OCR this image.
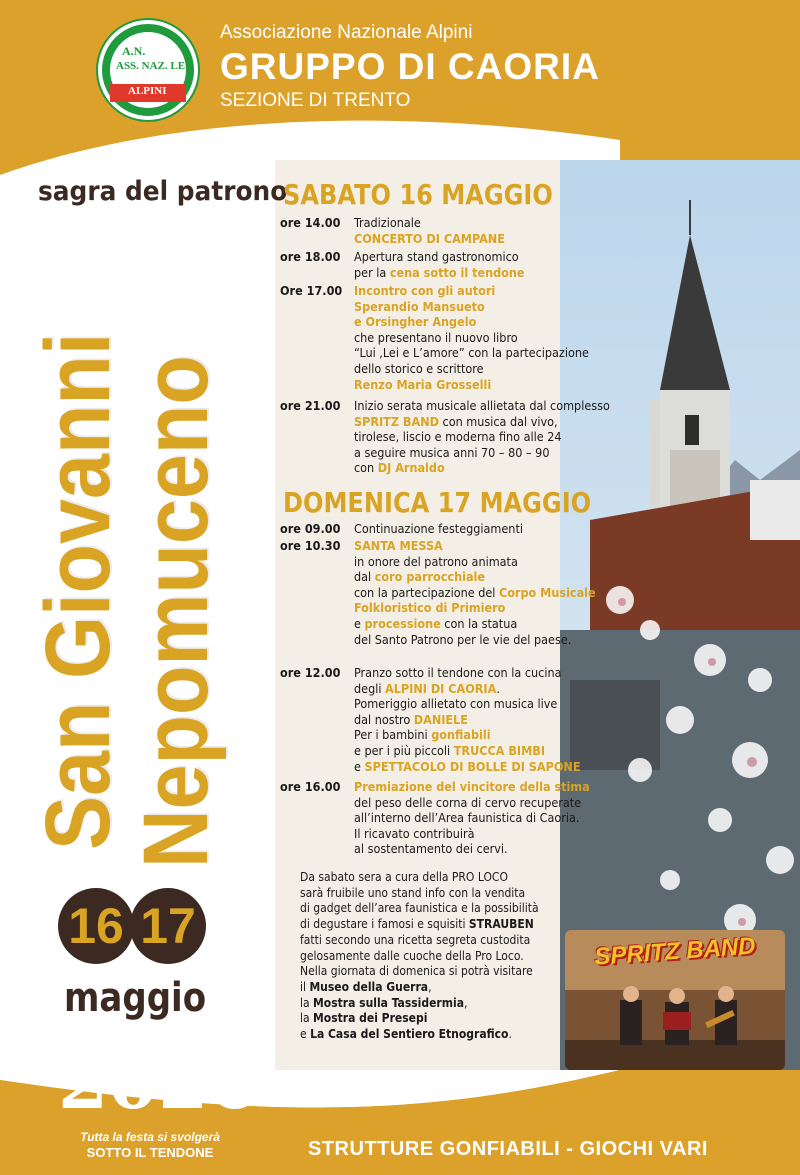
A.N.
ASS. NAZ. LE
ALPINI
Associazione Nazionale Alpini
GRUPPO DI CAORIA
SEZIONE DI TRENTO
sagra del patrono
San Giovanni
Nepomuceno
16 17
maggio
2026
Tutta la festa si svolgerà
SOTTO IL TENDONE
SABATO 16 MAGGIO
ore 14.00	Tradizionale
CONCERTO DI CAMPANE
ore 18.00	Apertura stand gastronomico
per la cena sotto il tendone
Ore 17.00 Incontro con gli autori
Sperandio Mansueto
e Orsingher Angelo
che presentano il nuovo libro
“Lui ,Lei e L’amore” con la partecipazione
dello storico e scrittore
Renzo Maria Grosselli
ore 21.00	Inizio serata musicale allietata dal complesso
SPRITZ BAND con musica dal vivo,
tirolese, liscio e moderna fino alle 24
a seguire musica anni 70 – 80 – 90
con DJ Arnaldo
DOMENICA 17 MAGGIO
ore 09.00	Continuazione festeggiamenti
ore 10.30	SANTA MESSA
in onore del patrono animata
dal coro parrocchiale
con la partecipazione del Corpo Musicale
Folkloristico di Primiero
e processione con la statua
del Santo Patrono per le vie del paese.
ore 12.00	Pranzo sotto il tendone con la cucina
degli ALPINI DI CAORIA.
Pomeriggio allietato con musica live
dal nostro DANIELE
Per i bambini gonfiabili
e per i più piccoli TRUCCA BIMBI
e SPETTACOLO DI BOLLE DI SAPONE
ore 16.00	Premiazione del vincitore della stima
del peso delle corna di cervo recuperate
all’interno dell’Area faunistica di Caoria.
Il ricavato contribuirà
al sostentamento dei cervi.
Da sabato sera a cura della PRO LOCO
sarà fruibile uno stand info con la vendita
di gadget dell’area faunistica e la possibilità
di degustare i famosi e squisiti STRAUBEN
fatti secondo una ricetta segreta custodita
gelosamente dalle cuoche della Pro Loco.
Nella giornata di domenica si potrà visitare
il Museo della Guerra,
la Mostra sulla Tassidermia,
la Mostra dei Presepi
e La Casa del Sentiero Etnografico.
SPRITZ BAND
STRUTTURE GONFIABILI - GIOCHI VARI
